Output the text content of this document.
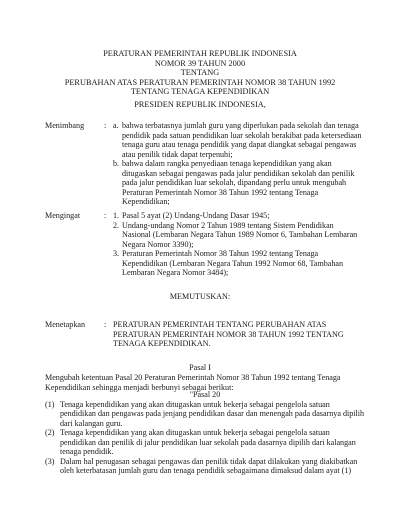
PERATURAN PEMERINTAH REPUBLIK INDONESIA
NOMOR 39 TAHUN 2000
TENTANG
PERUBAHAN ATAS PERATURAN PEMERINTAH NOMOR 38 TAHUN 1992
TENTANG TENAGA KEPENDIDIKAN
PRESIDEN REPUBLIK INDONESIA,
Menimbang	: a. bahwa terbatasnya jumlah guru yang diperlukan pada sekolah dan tenaga pendidik pada satuan pendidikan luar sekolah berakibat pada ketersediaan tenaga guru atau tenaga pendidik yang dapat diangkat sebagai pengawas atau penilik tidak dapat terpenuhi;
b. bahwa dalam rangka penyediaan tenaga kependidikan yang akan ditugaskan sebagai pengawas pada jalur pendidikan sekolah dan penilik pada jalur pendidikan luar sekolah, dipandang perlu untuk mengubah Peraturan Pemerintah Nomor 38 Tahun 1992 tentang Tenaga Kependidikan;
Mengingat	: 1. Pasal 5 ayat (2) Undang-Undang Dasar 1945;
2. Undang-undang Nomor 2 Tahun 1989 tentang Sistem Pendidikan Nasional (Lembaran Negara Tahun 1989 Nomor 6, Tambahan Lembaran Negara Nomor 3390);
3. Peraturan Pemerintah Nomor 38 Tahun 1992 tentang Tenaga Kependidikan (Lembaran Negara Tahun 1992 Nomor 68, Tambahan Lembaran Negara Nomor 3484);
MEMUTUSKAN:
Menetapkan	: PERATURAN PEMERINTAH TENTANG PERUBAHAN ATAS PERATURAN PEMERINTAH NOMOR 38 TAHUN 1992 TENTANG TENAGA KEPENDIDIKAN.
Pasal I
Mengubah ketentuan Pasal 20 Peraturan Pemerintah Nomor 38 Tahun 1992 tentang Tenaga Kependidikan sehingga menjadi berbunyi sebagai berikut:
"Pasal 20
(1) Tenaga kependidikan yang akan ditugaskan untuk bekerja sebagai pengelola satuan pendidikan dan pengawas pada jenjang pendidikan dasar dan menengah pada dasarnya dipilih dari kalangan guru.
(2) Tenaga kependidikan yang akan ditugaskan untuk bekerja sebagai pengelola satuan pendidikan dan penilik di jalur pendidikan luar sekolah pada dasarnya dipilih dari kalangan tenaga pendidik.
(3) Dalam hal penugasan sebagai pengawas dan penilik tidak dapat dilakukan yang diakibatkan oleh keterbatasan jumlah guru dan tenaga pendidik sebagaimana dimaksud dalam ayat (1)
